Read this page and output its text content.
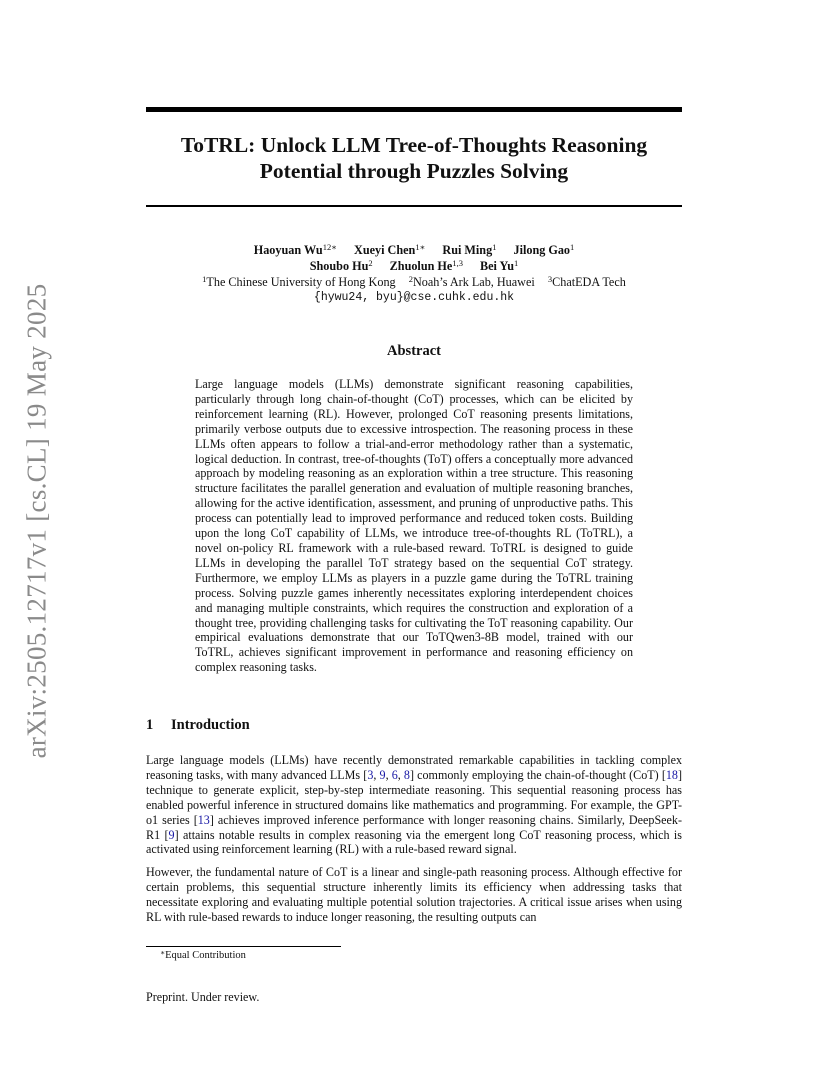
arXiv:2505.12717v1 [cs.CL] 19 May 2025
ToTRL: Unlock LLM Tree-of-Thoughts Reasoning
Potential through Puzzles Solving
Haoyuan $Wu^{12∗}$ Xueyi Chen$^{1∗}$ Rui Ming$^1$ Jilong Gao$^1$
Shoubo Hu$^2$ Zhuolun He$^{1,3}$ Bei Yu$^1$
$^1$The Chinese University of Hong Kong $^2$Noah’s Ark Lab, Huawei $^3$ChatEDA Tech
{hywu24, byu}@cse.cuhk.edu.hk
Abstract

Large language models (LLMs) demonstrate significant reasoning capabilities, particularly through long chain-of-thought (CoT) processes, which can be elicited by reinforcement learning (RL). However, prolonged CoT reasoning presents limitations, primarily verbose outputs due to excessive introspection. The reasoning process in these LLMs often appears to follow a trial-and-error methodology rather than a systematic, logical deduction. In contrast, tree-of-thoughts (ToT) offers a conceptually more advanced approach by modeling reasoning as an exploration within a tree structure. This reasoning structure facilitates the parallel generation and evaluation of multiple reasoning branches, allowing for the active identification, assessment, and pruning of unproductive paths. This process can potentially lead to improved performance and reduced token costs. Building upon the long CoT capability of LLMs, we introduce tree-of-thoughts RL (ToTRL), a novel on-policy RL framework with a rule-based reward. ToTRL is designed to guide LLMs in developing the parallel ToT strategy based on the sequential CoT strategy. Furthermore, we employ LLMs as players in a puzzle game during the ToTRL training process. Solving puzzle games inherently necessitates exploring interdependent choices and managing multiple constraints, which requires the construction and exploration of a thought tree, providing challenging tasks for cultivating the ToT reasoning capability. Our empirical evaluations demonstrate that our ToTQwen3-8B model, trained with our ToTRL, achieves significant improvement in performance and reasoning efficiency on complex reasoning tasks.

1 Introduction

Large language models (LLMs) have recently demonstrated remarkable capabilities in tackling complex reasoning tasks, with many advanced LLMs [3, 9, 6, 8] commonly employing the chain-of-thought (CoT) [18] technique to generate explicit, step-by-step intermediate reasoning. This sequential reasoning process has enabled powerful inference in structured domains like mathematics and programming. For example, the GPT-o1 series [13] achieves improved inference performance with longer reasoning chains. Similarly, DeepSeek-R1 [9] attains notable results in complex reasoning via the emergent long CoT reasoning process, which is activated using reinforcement learning (RL) with a rule-based reward signal.

However, the fundamental nature of CoT is a linear and single-path reasoning process. Although effective for certain problems, this sequential structure inherently limits its efficiency when addressing tasks that necessitate exploring and evaluating multiple potential solution trajectories. A critical issue arises when using RL with rule-based rewards to induce longer reasoning, the resulting outputs can

∗Equal Contribution
Preprint. Under review.
